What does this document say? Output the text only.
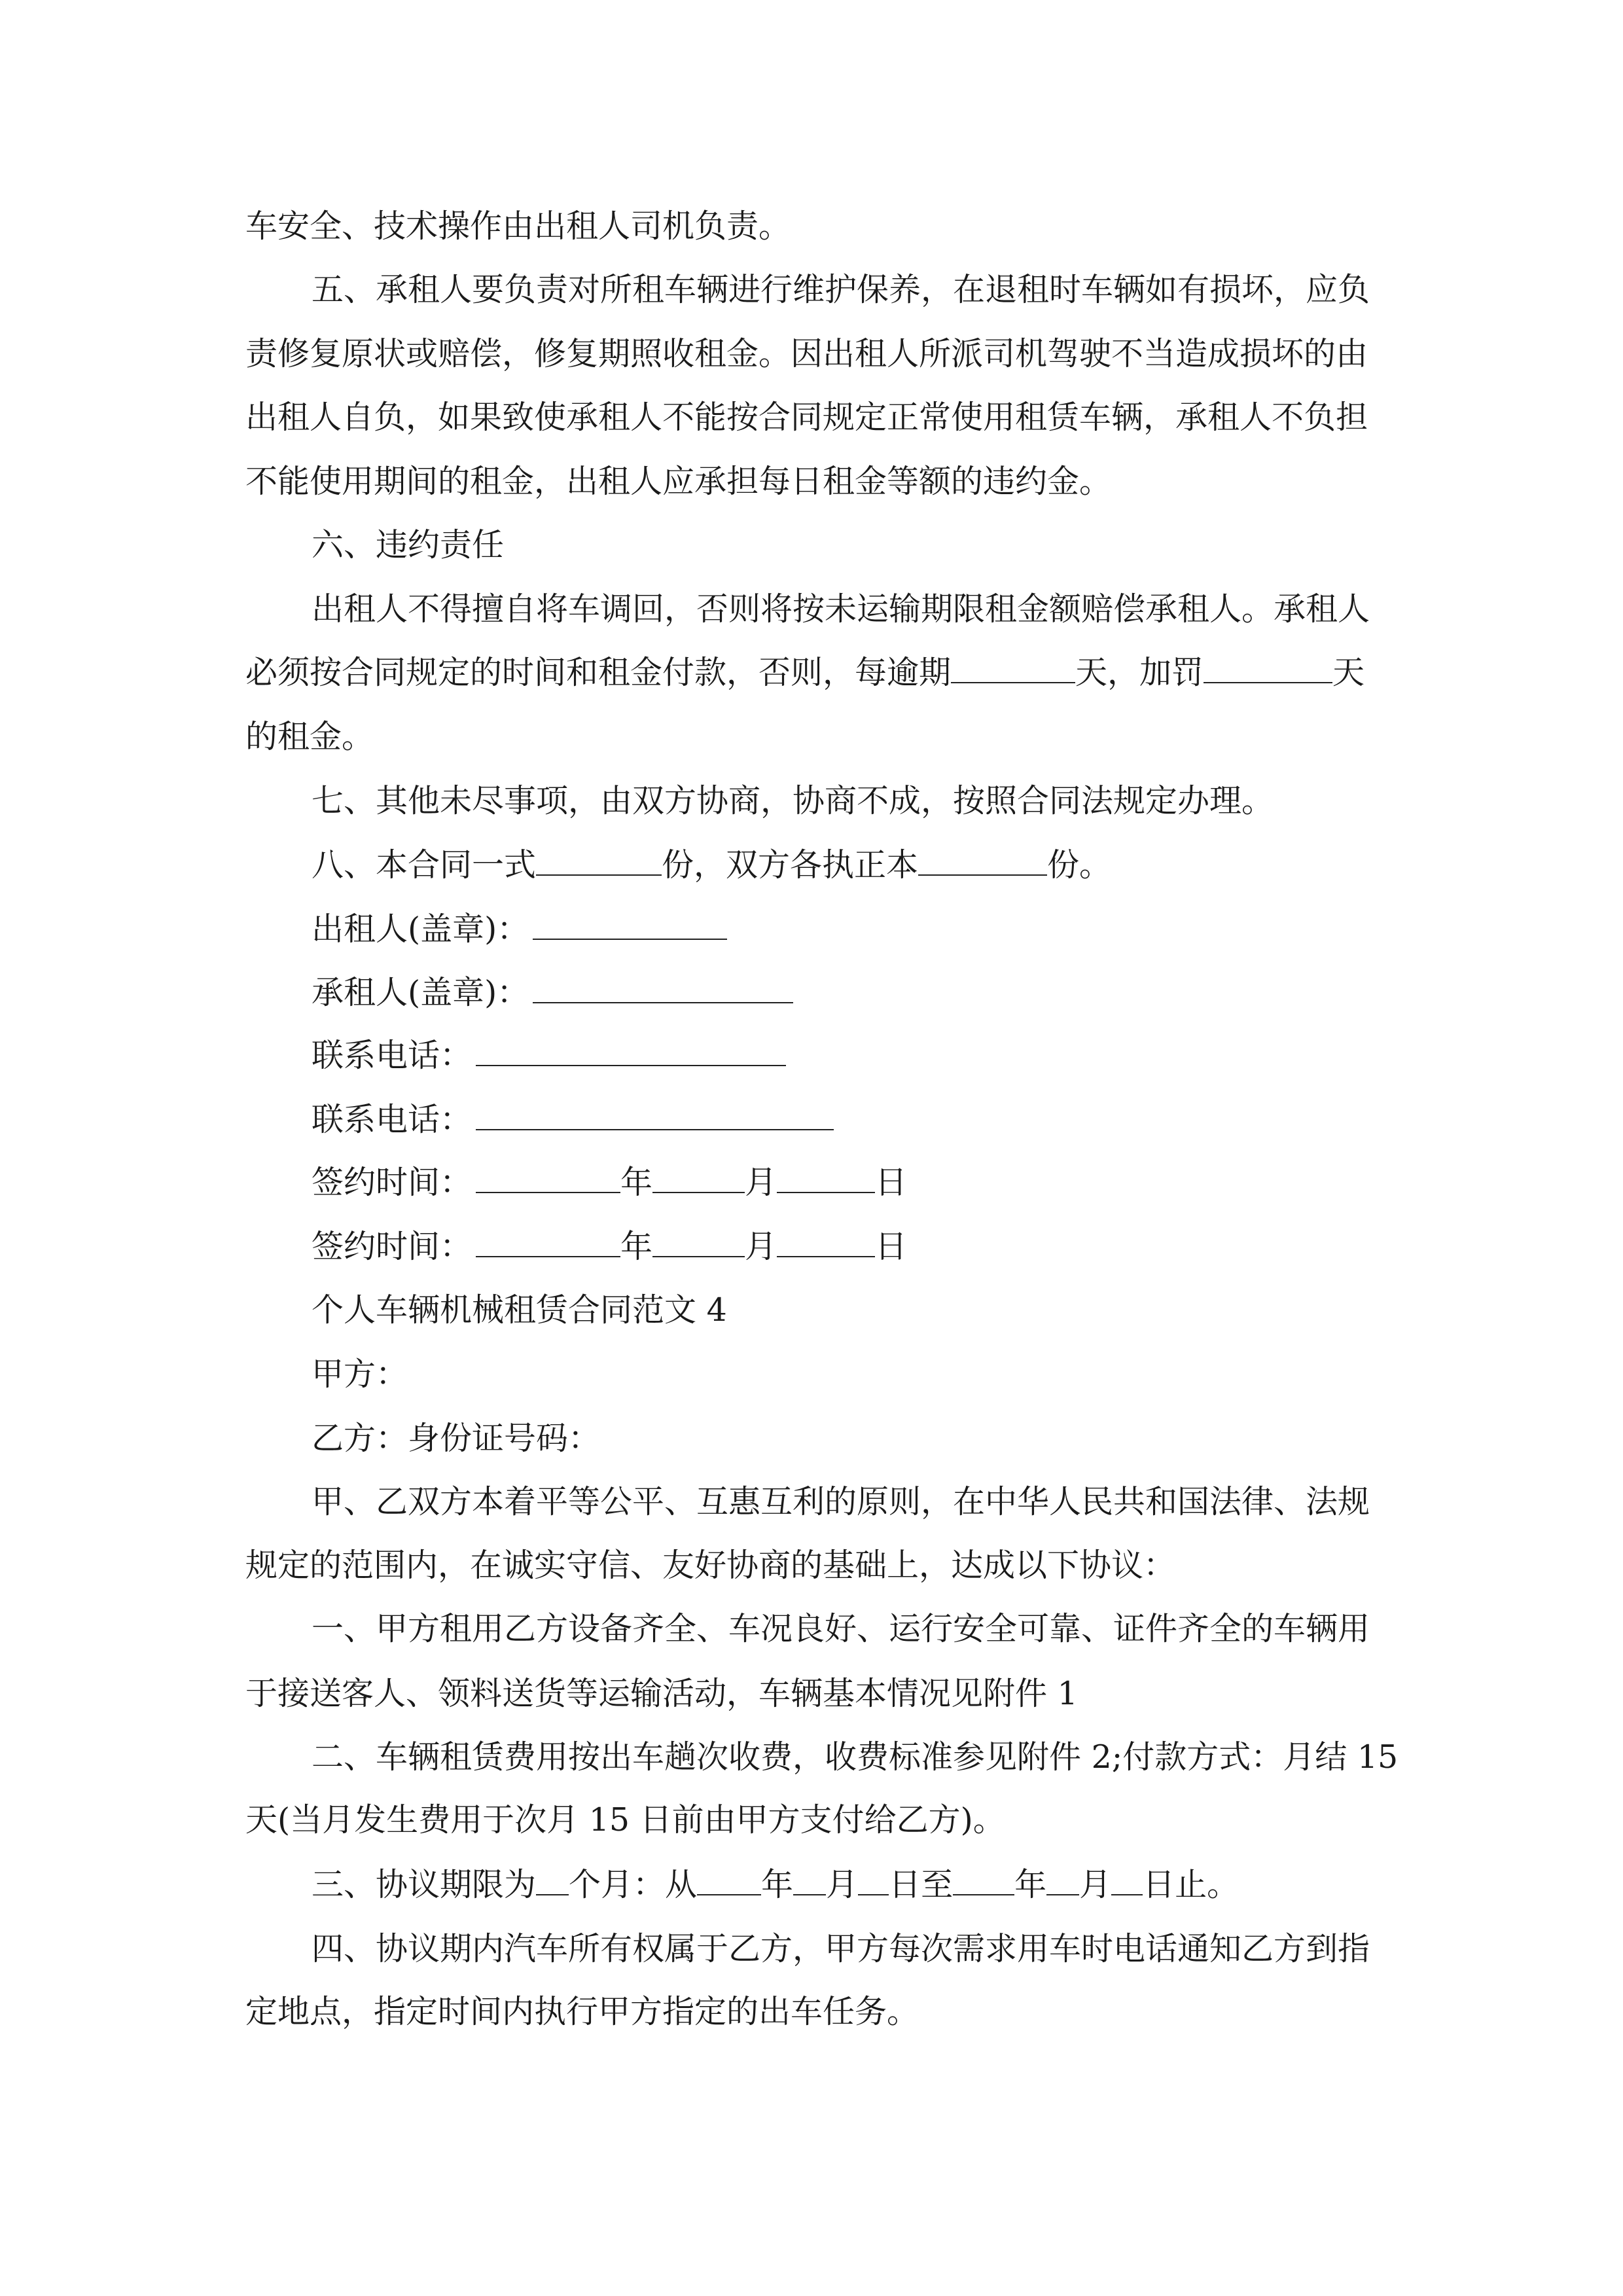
车安全、技术操作由出租人司机负责。
五、承租人要负责对所租车辆进行维护保养，在退租时车辆如有损坏，应负
责修复原状或赔偿，修复期照收租金。因出租人所派司机驾驶不当造成损坏的由
出租人自负，如果致使承租人不能按合同规定正常使用租赁车辆，承租人不负担
不能使用期间的租金，出租人应承担每日租金等额的违约金。
六、违约责任
出租人不得擅自将车调回，否则将按未运输期限租金额赔偿承租人。承租人
必须按合同规定的时间和租金付款，否则，每逾期	天，加罚	天
的租金。
七、其他未尽事项，由双方协商，协商不成，按照合同法规定办理。
八、本合同一式	份，双方各执正本	份。
出租人(盖章)：
承租人(盖章)：
联系电话：
联系电话：
签约时间：	年	月	日
签约时间：	年	月	日
个人车辆机械租赁合同范文 4
甲方：
乙方：身份证号码：
甲、乙双方本着平等公平、互惠互利的原则，在中华人民共和国法律、法规
规定的范围内，在诚实守信、友好协商的基础上，达成以下协议：
一、甲方租用乙方设备齐全、车况良好、运行安全可靠、证件齐全的车辆用
于接送客人、领料送货等运输活动，车辆基本情况见附件 1
二、车辆租赁费用按出车趟次收费，收费标准参见附件 2;付款方式：月结 15
天(当月发生费用于次月 15 日前由甲方支付给乙方)。
三、协议期限为 个月：从 年 月 日至 年 月 日止。
四、协议期内汽车所有权属于乙方，甲方每次需求用车时电话通知乙方到指
定地点，指定时间内执行甲方指定的出车任务。
